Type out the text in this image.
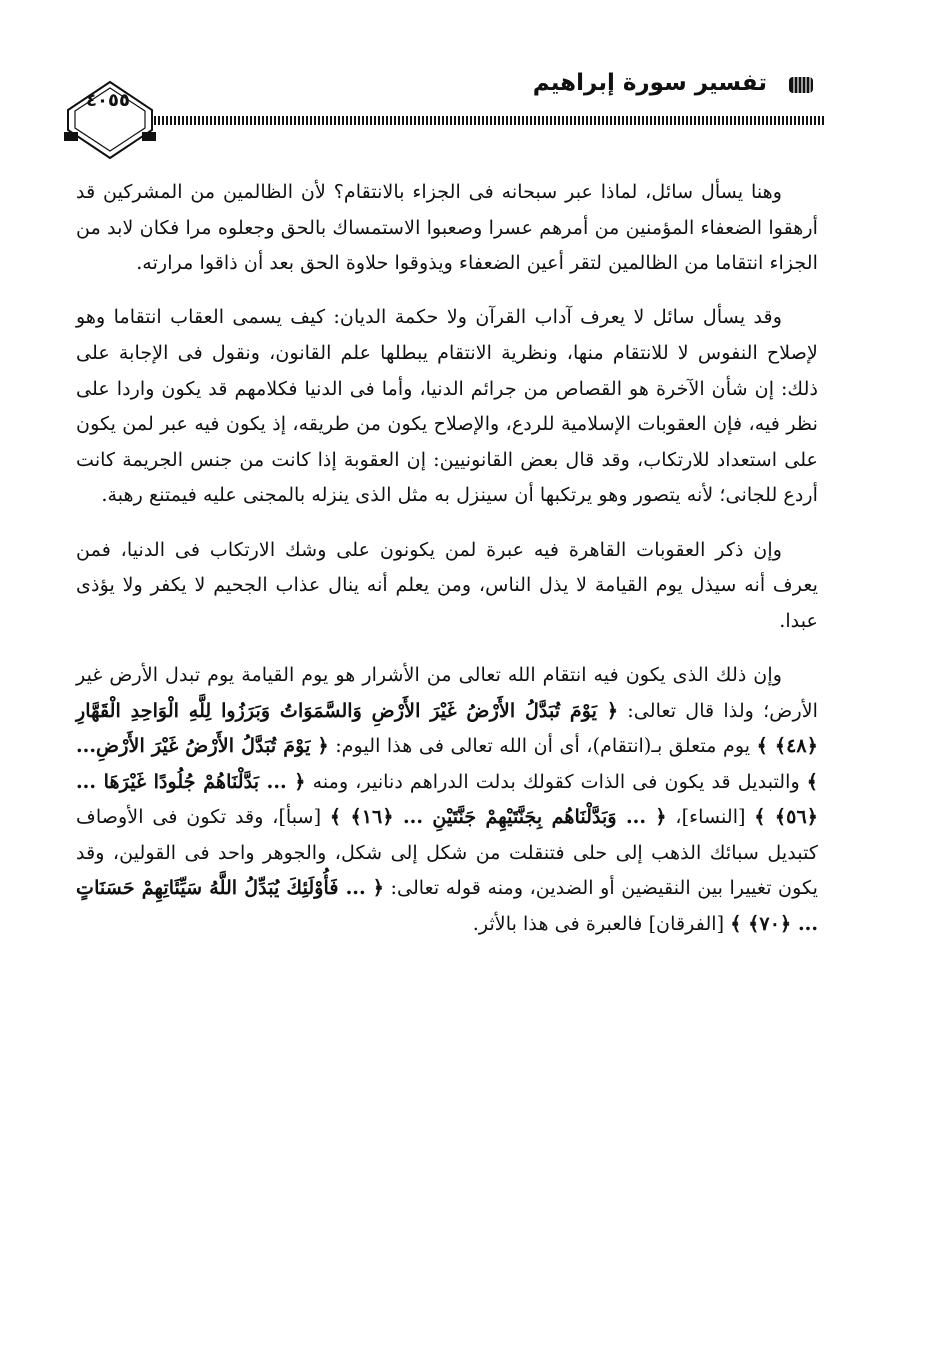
تفسير سورة إبراهيم
٤٠٥٥

وهنا يسأل سائل، لماذا عبر سبحانه فى الجزاء بالانتقام؟ لأن الظالمين من المشركين قد أرهقوا الضعفاء المؤمنين من أمرهم عسرا وصعبوا الاستمساك بالحق وجعلوه مرا فكان لابد من الجزاء انتقاما من الظالمين لتقر أعين الضعفاء ويذوقوا حلاوة الحق بعد أن ذاقوا مرارته.

وقد يسأل سائل لا يعرف آداب القرآن ولا حكمة الديان: كيف يسمى العقاب انتقاما وهو لإصلاح النفوس لا للانتقام منها، ونظرية الانتقام يبطلها علم القانون، ونقول فى الإجابة على ذلك: إن شأن الآخرة هو القصاص من جرائم الدنيا، وأما فى الدنيا فكلامهم قد يكون واردا على نظر فيه، فإن العقوبات الإسلامية للردع، والإصلاح يكون من طريقه، إذ يكون فيه عبر لمن يكون على استعداد للارتكاب، وقد قال بعض القانونيين: إن العقوبة إذا كانت من جنس الجريمة كانت أردع للجانى؛ لأنه يتصور وهو يرتكبها أن سينزل به مثل الذى ينزله بالمجنى عليه فيمتنع رهبة.

وإن ذكر العقوبات القاهرة فيه عبرة لمن يكونون على وشك الارتكاب فى الدنيا، فمن يعرف أنه سيذل يوم القيامة لا يذل الناس، ومن يعلم أنه ينال عذاب الجحيم لا يكفر ولا يؤذى عبدا.

وإن ذلك الذى يكون فيه انتقام الله تعالى من الأشرار هو يوم القيامة يوم تبدل الأرض غير الأرض؛ ولذا قال تعالى: ﴿ يَوْمَ تُبَدَّلُ الأَرْضُ غَيْرَ الأَرْضِ وَالسَّمَوَاتُ وَبَرَزُوا لِلَّهِ الْوَاحِدِ الْقَهَّارِ ﴿٤٨﴾ ﴾ يوم متعلق بـ(انتقام)، أى أن الله تعالى فى هذا اليوم: ﴿ يَوْمَ تُبَدَّلُ الأَرْضُ غَيْرَ الأَرْضِ... ﴾ والتبديل قد يكون فى الذات كقولك بدلت الدراهم دنانير، ومنه ﴿ ... بَدَّلْنَاهُمْ جُلُودًا غَيْرَهَا ... ﴿٥٦﴾ ﴾ [النساء]، ﴿ ... وَبَدَّلْنَاهُم بِجَنَّتَيْهِمْ جَنَّتَيْنِ ... ﴿١٦﴾ ﴾ [سبأ]، وقد تكون فى الأوصاف كتبديل سبائك الذهب إلى حلى فتنقلت من شكل إلى شكل، والجوهر واحد فى القولين، وقد يكون تغييرا بين النقيضين أو الضدين، ومنه قوله تعالى: ﴿ ... فَأُوْلَئِكَ يُبَدِّلُ اللَّهُ سَيِّئَاتِهِمْ حَسَنَاتٍ ... ﴿٧٠﴾ ﴾ [الفرقان] فالعبرة فى هذا بالأثر.
